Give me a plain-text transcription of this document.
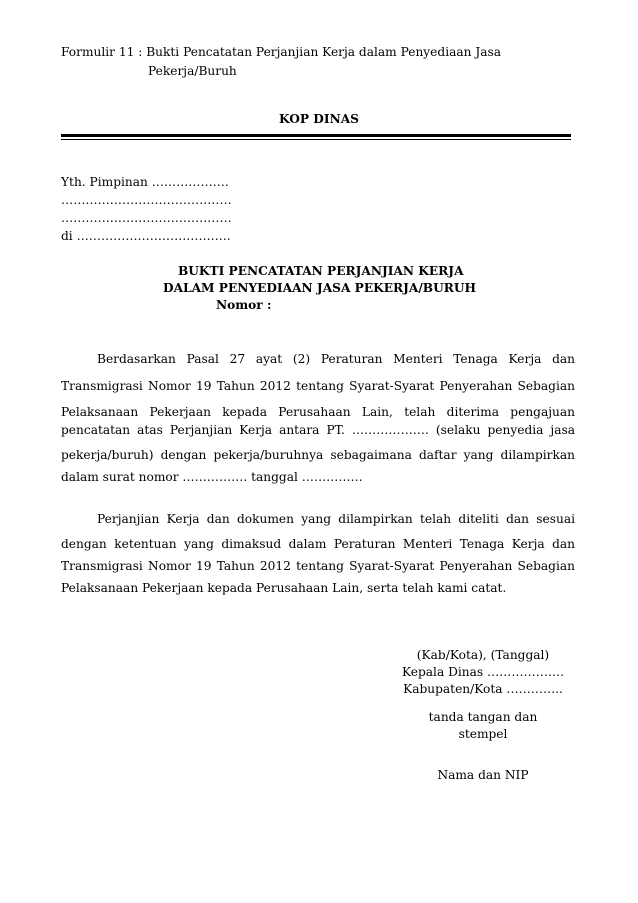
Formulir 11 : Bukti Pencatatan Perjanjian Kerja dalam Penyediaan Jasa
Pekerja/Buruh
KOP DINAS
Yth. Pimpinan ……………….
……………………………………
……………………………………
di ………………………………..
BUKTI PENCATATAN PERJANJIAN KERJA
DALAM PENYEDIAAN JASA PEKERJA/BURUH
Nomor :
Berdasarkan Pasal 27 ayat (2) Peraturan Menteri Tenaga Kerja dan
Transmigrasi Nomor 19 Tahun 2012 tentang Syarat-Syarat Penyerahan Sebagian
Pelaksanaan Pekerjaan kepada Perusahaan Lain, telah diterima pengajuan
pencatatan atas Perjanjian Kerja antara PT. ………………. (selaku penyedia jasa
pekerja/buruh) dengan pekerja/buruhnya sebagaimana daftar yang dilampirkan
dalam surat nomor ……………. tanggal ……………
Perjanjian Kerja dan dokumen yang dilampirkan telah diteliti dan sesuai
dengan ketentuan yang dimaksud dalam Peraturan Menteri Tenaga Kerja dan
Transmigrasi Nomor 19 Tahun 2012 tentang Syarat-Syarat Penyerahan Sebagian
Pelaksanaan Pekerjaan kepada Perusahaan Lain, serta telah kami catat.
(Kab/Kota), (Tanggal)
Kepala Dinas ……………….
Kabupaten/Kota …………..
tanda tangan dan
stempel
Nama dan NIP
